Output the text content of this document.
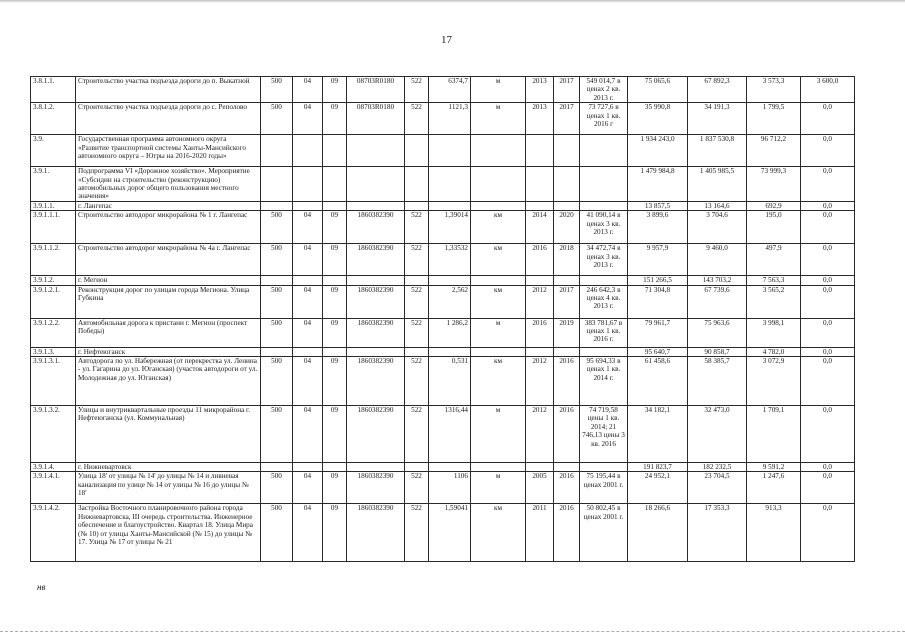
17
3.8.1.1.	Строительство участка подъезда дороги до п. Выкатной	500	04	09	08703R0180	522	6374,7	м	2013	2017	549 014,7 в ценах 2 кв. 2013 г.	75 065,6	67 892,3	3 573,3	3 600,0
3.8.1.2.	Строительство участка подъезда дороги до с. Реполово	500	04	09	08703R0180	522	1121,3	м	2013	2017	73 727,6 в ценах 1 кв. 2016 г	35 990,8	34 191,3	1 799,5	0,0
3.9.	Государственная программа автономного округа «Развитие транспортной системы Ханты-Мансийского автономного округа – Югры на 2016-2020 годы»											1 934 243,0	1 837 530,8	96 712,2	0,0
3.9.1.	Подпрограмма VI «Дорожное хозяйство». Мероприятие «Субсидии на строительство (реконструкцию) автомобильных дорог общего пользования местного значения»											1 479 984,8	1 405 985,5	73 999,3	0,0
3.9.1.1.	г. Лангепас											13 857,5	13 164,6	692,9	0,0
3.9.1.1.1.	Строительство автодорог микрорайона № 1 г. Лангепас	500	04	09	1860382390	522	1,39014	км	2014	2020	41 090,14 в ценах 3 кв. 2013 г.	3 899,6	3 704,6	195,0	0,0
3.9.1.1.2.	Строительство автодорог микрорайона № 4а г. Лангепас	500	04	09	1860382390	522	1,33532	км	2016	2018	34 472,74 в ценах 3 кв. 2013 г.	9 957,9	9 460,0	497,9	0,0
3.9.1.2.	г. Мегион											151 266,5	143 703,2	7 563,3	0,0
3.9.1.2.1.	Реконструкция дорог по улицам города Мегиона. Улица Губкина	500	04	09	1860382390	522	2,562	км	2012	2017	246 642,3 в ценах 4 кв. 2013 г.	71 304,8	67 739,6	3 565,2	0,0
3.9.1.2.2.	Автомобильная дорога к пристани г. Мегион (проспект Победы)	500	04	09	1860382390	522	1 286,2	м	2016	2019	383 781,67 в ценах 1 кв. 2016 г.	79 961,7	75 963,6	3 998,1	0,0
3.9.1.3.	г. Нефтеюганск											95 640,7	90 858,7	4 782,0	0,0
3.9.1.3.1.	Автодорога по ул. Набережная (от перекрестка ул. Ленина - ул. Гагарина до ул. Юганская) (участок автодороги от ул. Молодежная до ул. Юганская)	500	04	09	1860382390	522	0,531	км	2012	2016	95 694,33 в ценах 1 кв. 2014 г.	61 458,6	58 385,7	3 072,9	0,0
3.9.1.3.2.	Улицы и внутриквартальные проезды 11 микрорайона г. Нефтеюганска (ул. Коммунальная)	500	04	09	1860382390	522	1316,44	м	2012	2016	74 719,58 цены 1 кв. 2014; 21 746,13 цены 3 кв. 2016	34 182,1	32 473,0	1 709,1	0,0
3.9.1.4.	г. Нижневартовск											191 823,7	182 232,5	9 591,2	0,0
3.9.1.4.1.	Улица 18' от улицы № 14' до улицы № 14 и ливневая канализация по улице № 14 от улицы № 16 до улицы № 18'	500	04	09	1860382390	522	1106	м	2005	2016	75 195,44 в ценах 2001 г.	24 952,1	23 704,5	1 247,6	0,0
3.9.1.4.2.	Застройка Восточного планировочного района города Нижневартовска, III очередь строительства. Инженерное обеспечение и благоустройство. Квартал 18. Улица Мира (№ 10) от улицы Ханты-Мансийской (№ 15) до улицы № 17. Улица № 17 от улицы № 21	500	04	09	1860382390	522	1,59041	км	2011	2016	50 802,45 в ценах 2001 г.	18 266,6	17 353,3	913,3	0,0
нв
